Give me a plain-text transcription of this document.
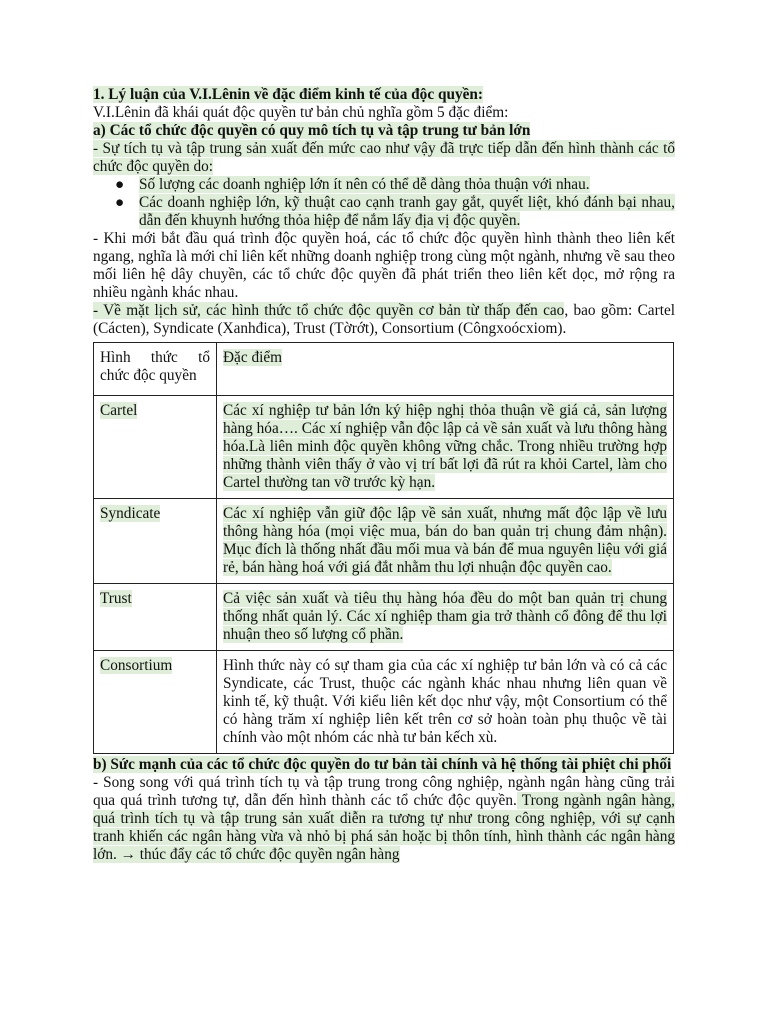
1. Lý luận của V.I.Lênin về đặc điểm kinh tế của độc quyền:

V.I.Lênin đã khái quát độc quyền tư bản chủ nghĩa gồm 5 đặc điểm:

a) Các tổ chức độc quyền có quy mô tích tụ và tập trung tư bản lớn

- Sự tích tụ và tập trung sản xuất đến mức cao như vậy đã trực tiếp dẫn đến hình thành các tổ chức độc quyền do:

● Số lượng các doanh nghiệp lớn ít nên có thể dễ dàng thỏa thuận với nhau.
● Các doanh nghiệp lớn, kỹ thuật cao cạnh tranh gay gắt, quyết liệt, khó đánh bại nhau, dẫn đến khuynh hướng thỏa hiệp để nắm lấy địa vị độc quyền.

- Khi mới bắt đầu quá trình độc quyền hoá, các tổ chức độc quyền hình thành theo liên kết ngang, nghĩa là mới chỉ liên kết những doanh nghiệp trong cùng một ngành, nhưng về sau theo mối liên hệ dây chuyền, các tổ chức độc quyền đã phát triển theo liên kết dọc, mở rộng ra nhiều ngành khác nhau.

- Về mặt lịch sử, các hình thức tổ chức độc quyền cơ bản từ thấp đến cao, bao gồm: Cartel (Cácten), Syndicate (Xanhđica), Trust (Tờrớt), Consortium (Côngxoócxiom).

Hình thức tổ chức độc quyền	Đặc điểm
Cartel	Các xí nghiệp tư bản lớn ký hiệp nghị thỏa thuận về giá cả, sản lượng hàng hóa…. Các xí nghiệp vẫn độc lập cả về sản xuất và lưu thông hàng hóa.Là liên minh độc quyền không vững chắc. Trong nhiều trường hợp những thành viên thấy ở vào vị trí bất lợi đã rút ra khỏi Cartel, làm cho Cartel thường tan vỡ trước kỳ hạn.
Syndicate	Các xí nghiệp vẫn giữ độc lập về sản xuất, nhưng mất độc lập về lưu thông hàng hóa (mọi việc mua, bán do ban quản trị chung đảm nhận). Mục đích là thống nhất đầu mối mua và bán để mua nguyên liệu với giá rẻ, bán hàng hoá với giá đắt nhằm thu lợi nhuận độc quyền cao.
Trust	Cả việc sản xuất và tiêu thụ hàng hóa đều do một ban quản trị chung thống nhất quản lý. Các xí nghiệp tham gia trở thành cổ đông để thu lợi nhuận theo số lượng cổ phần.
Consortium	Hình thức này có sự tham gia của các xí nghiệp tư bản lớn và có cả các Syndicate, các Trust, thuộc các ngành khác nhau nhưng liên quan về kinh tế, kỹ thuật. Với kiểu liên kết dọc như vậy, một Consortium có thể có hàng trăm xí nghiệp liên kết trên cơ sở hoàn toàn phụ thuộc về tài chính vào một nhóm các nhà tư bản kếch xù.

b) Sức mạnh của các tổ chức độc quyền do tư bản tài chính và hệ thống tài phiệt chi phối

- Song song với quá trình tích tụ và tập trung trong công nghiệp, ngành ngân hàng cũng trải qua quá trình tương tự, dẫn đến hình thành các tổ chức độc quyền. Trong ngành ngân hàng, quá trình tích tụ và tập trung sản xuất diễn ra tương tự như trong công nghiệp, với sự cạnh tranh khiến các ngân hàng vừa và nhỏ bị phá sản hoặc bị thôn tính, hình thành các ngân hàng lớn. → thúc đẩy các tổ chức độc quyền ngân hàng
